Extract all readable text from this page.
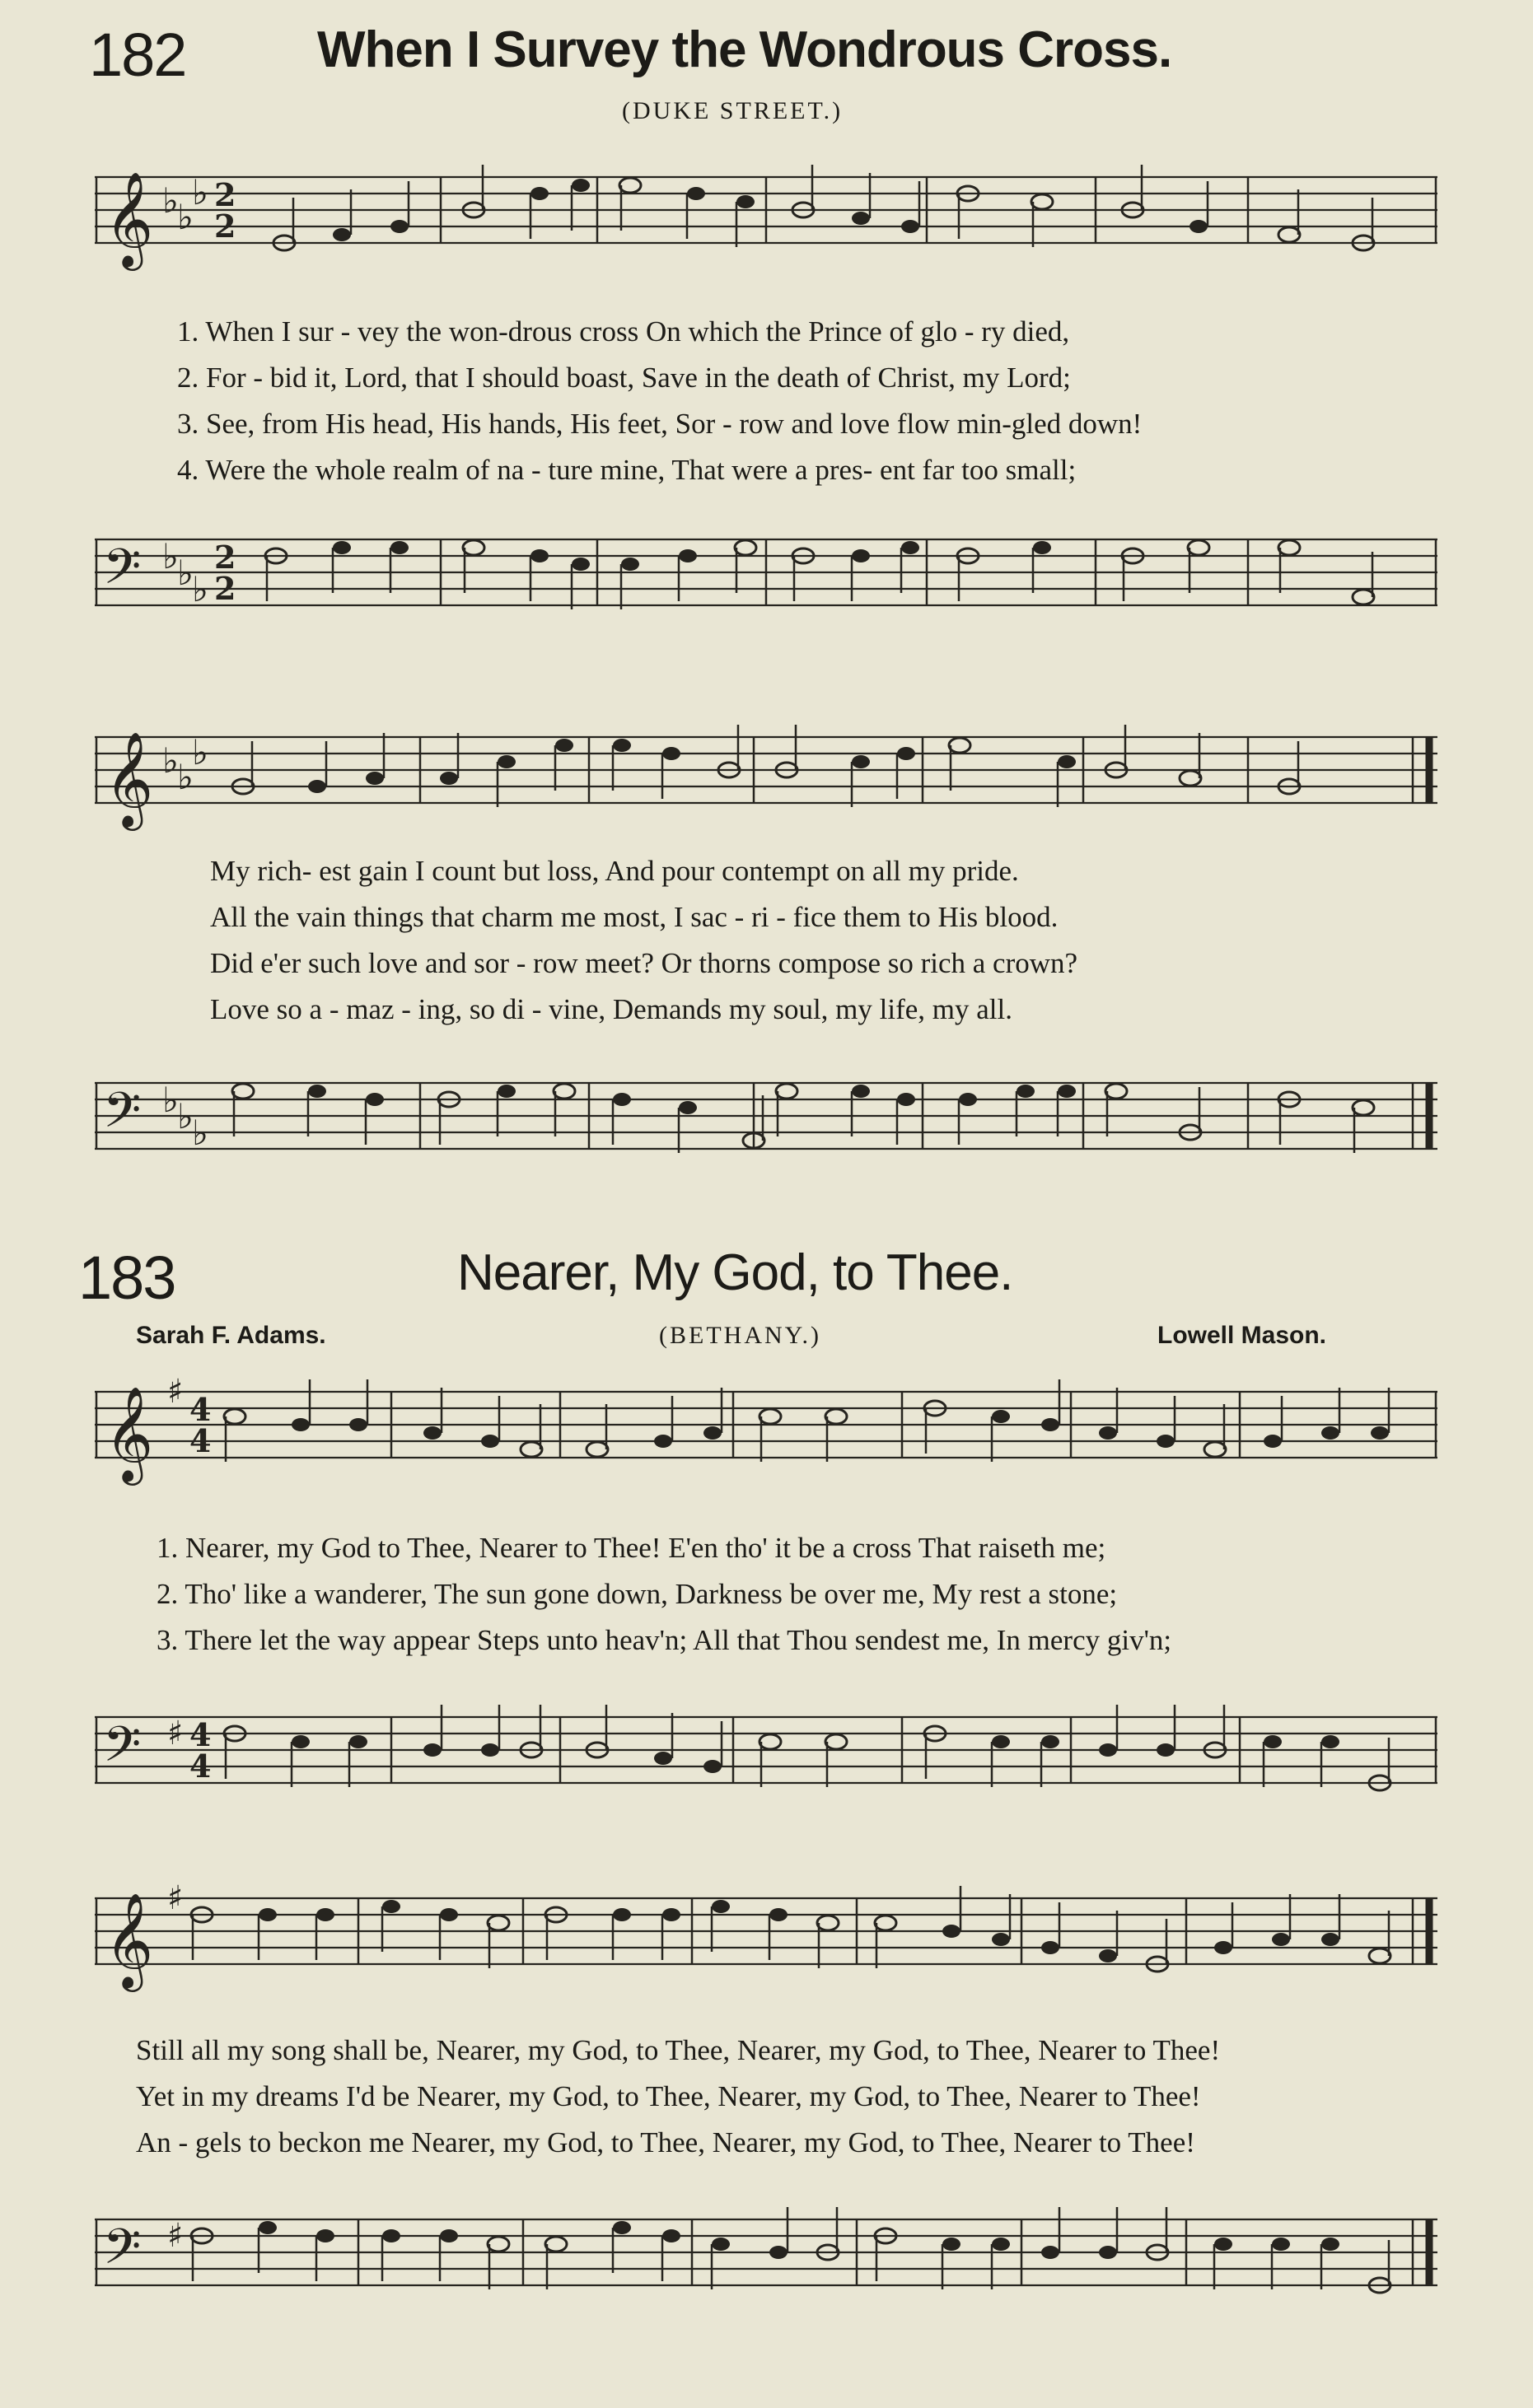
182	When I Survey the Wondrous Cross.
(DUKE STREET.)
𝄞 ♭
♭
♭ 2
2
1. When I sur - vey the won-drous cross On which the Prince of glo - ry died,
2. For - bid it, Lord, that I should boast, Save in the death of Christ, my Lord;
3. See, from His head, His hands, His feet, Sor - row and love flow min-gled down!
4. Were the whole realm of na - ture mine, That were a pres- ent far too small;
𝄢 ♭
♭
♭
2
2
𝄞 ♭
♭
♭
My rich- est gain I count but loss, And pour contempt on all my pride.
All the vain things that charm me most, I sac - ri - fice them to His blood.
Did e'er such love and sor - row meet? Or thorns compose so rich a crown?
Love so a - maz - ing, so di - vine, Demands my soul, my life, my all.
𝄢 ♭
♭
♭
183	Nearer, My God, to Thee.
Sarah F. Adams.	(BETHANY.)	Lowell Mason.
𝄞 ♯ 4
4
1. Nearer, my God to Thee, Nearer to Thee! E'en tho' it be a cross That raiseth me;
2. Tho' like a wanderer, The sun gone down, Darkness be over me, My rest a stone;
3. There let the way appear Steps unto heav'n; All that Thou sendest me, In mercy giv'n;
𝄢 ♯ 4
4
𝄞 ♯
Still all my song shall be, Nearer, my God, to Thee, Nearer, my God, to Thee, Nearer to Thee!
Yet in my dreams I'd be Nearer, my God, to Thee, Nearer, my God, to Thee, Nearer to Thee!
An - gels to beckon me Nearer, my God, to Thee, Nearer, my God, to Thee, Nearer to Thee!
𝄢 ♯
